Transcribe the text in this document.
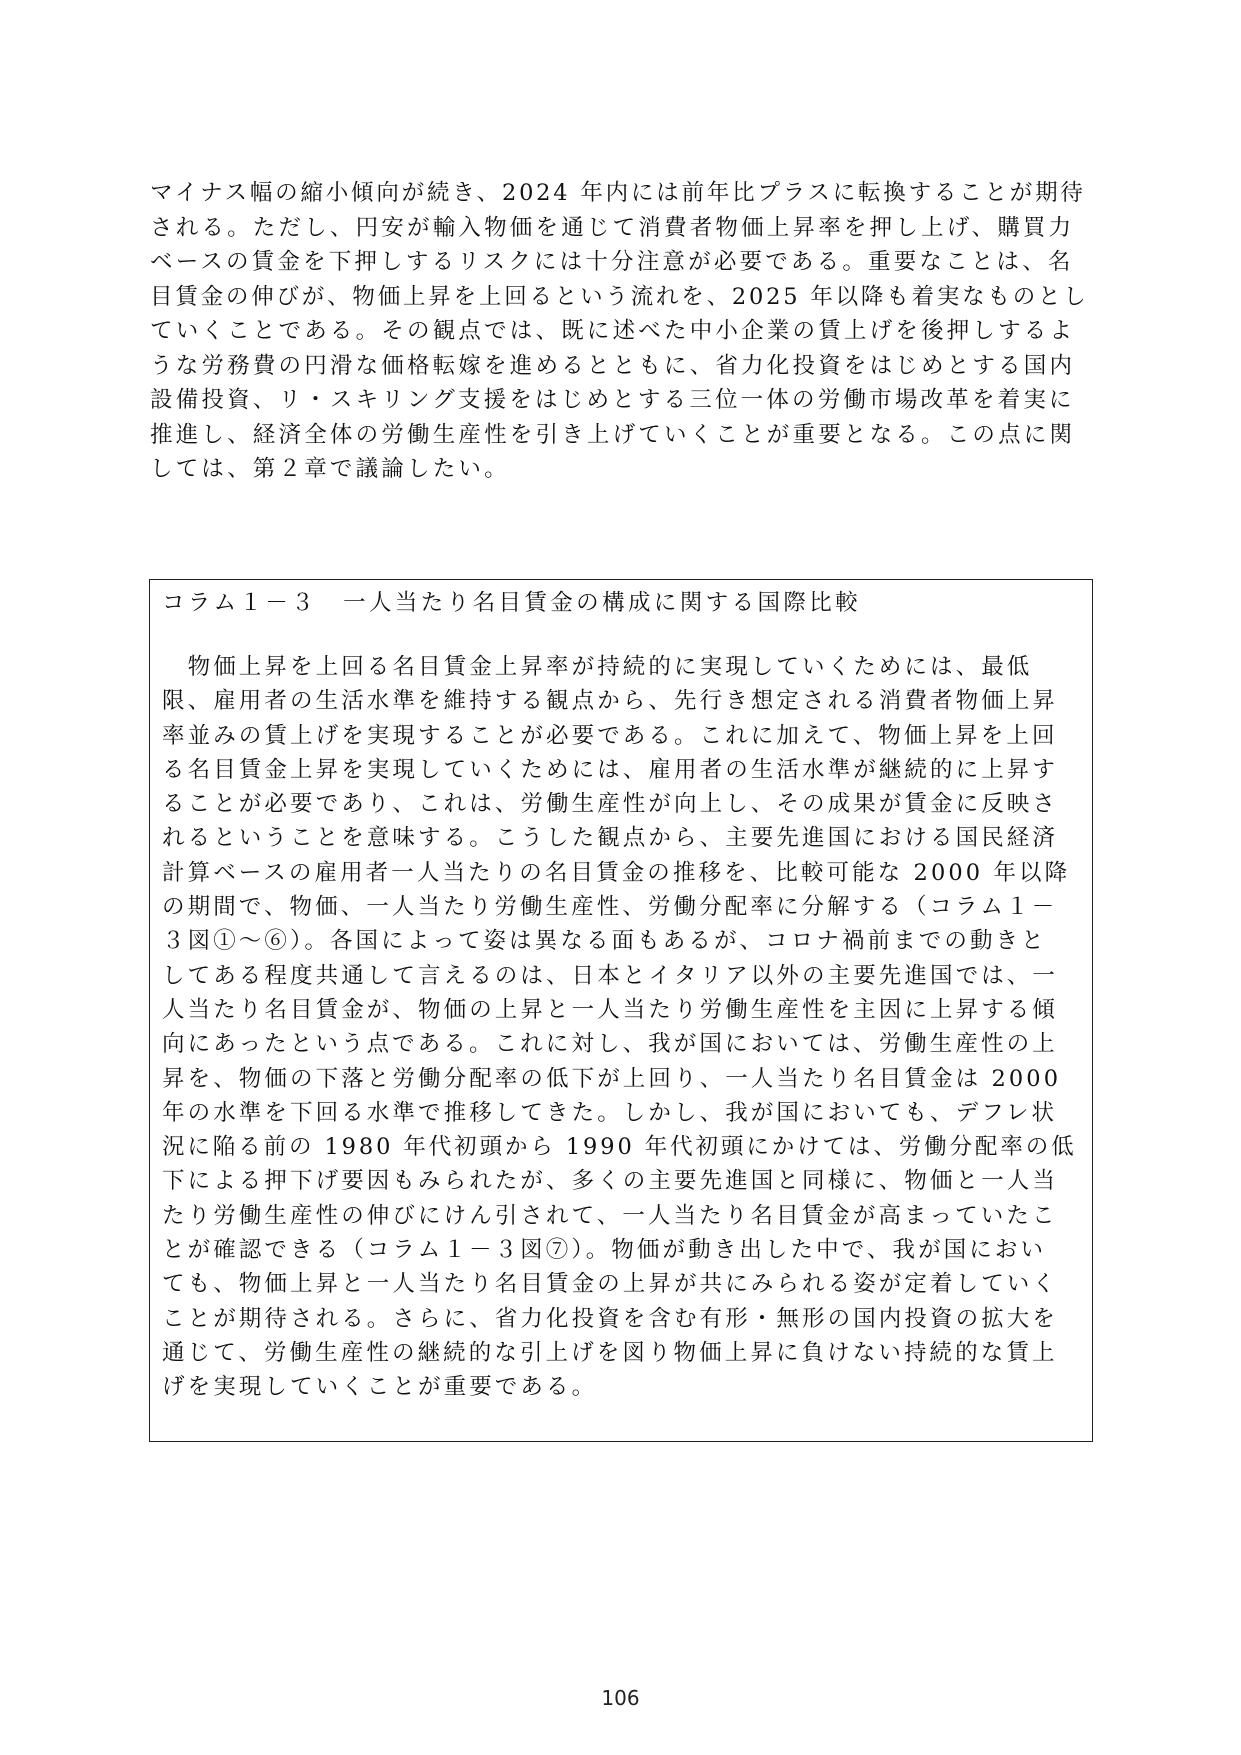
マイナス幅の縮小傾向が続き、2024 年内には前年比プラスに転換することが期待
される。ただし、円安が輸入物価を通じて消費者物価上昇率を押し上げ、購買力
ベースの賃金を下押しするリスクには十分注意が必要である。重要なことは、名
目賃金の伸びが、物価上昇を上回るという流れを、2025 年以降も着実なものとし
ていくことである。その観点では、既に述べた中小企業の賃上げを後押しするよ
うな労務費の円滑な価格転嫁を進めるとともに、省力化投資をはじめとする国内
設備投資、リ・スキリング支援をはじめとする三位一体の労働市場改革を着実に
推進し、経済全体の労働生産性を引き上げていくことが重要となる。この点に関
しては、第２章で議論したい。
コラム１－３　一人当たり名目賃金の構成に関する国際比較
　物価上昇を上回る名目賃金上昇率が持続的に実現していくためには、最低
限、雇用者の生活水準を維持する観点から、先行き想定される消費者物価上昇
率並みの賃上げを実現することが必要である。これに加えて、物価上昇を上回
る名目賃金上昇を実現していくためには、雇用者の生活水準が継続的に上昇す
ることが必要であり、これは、労働生産性が向上し、その成果が賃金に反映さ
れるということを意味する。こうした観点から、主要先進国における国民経済
計算ベースの雇用者一人当たりの名目賃金の推移を、比較可能な 2000 年以降
の期間で、物価、一人当たり労働生産性、労働分配率に分解する（コラム１－
３図①～⑥）。各国によって姿は異なる面もあるが、コロナ禍前までの動きと
してある程度共通して言えるのは、日本とイタリア以外の主要先進国では、一
人当たり名目賃金が、物価の上昇と一人当たり労働生産性を主因に上昇する傾
向にあったという点である。これに対し、我が国においては、労働生産性の上
昇を、物価の下落と労働分配率の低下が上回り、一人当たり名目賃金は 2000
年の水準を下回る水準で推移してきた。しかし、我が国においても、デフレ状
況に陥る前の 1980 年代初頭から 1990 年代初頭にかけては、労働分配率の低
下による押下げ要因もみられたが、多くの主要先進国と同様に、物価と一人当
たり労働生産性の伸びにけん引されて、一人当たり名目賃金が高まっていたこ
とが確認できる（コラム１－３図⑦）。物価が動き出した中で、我が国におい
ても、物価上昇と一人当たり名目賃金の上昇が共にみられる姿が定着していく
ことが期待される。さらに、省力化投資を含む有形・無形の国内投資の拡大を
通じて、労働生産性の継続的な引上げを図り物価上昇に負けない持続的な賃上
げを実現していくことが重要である。
106
